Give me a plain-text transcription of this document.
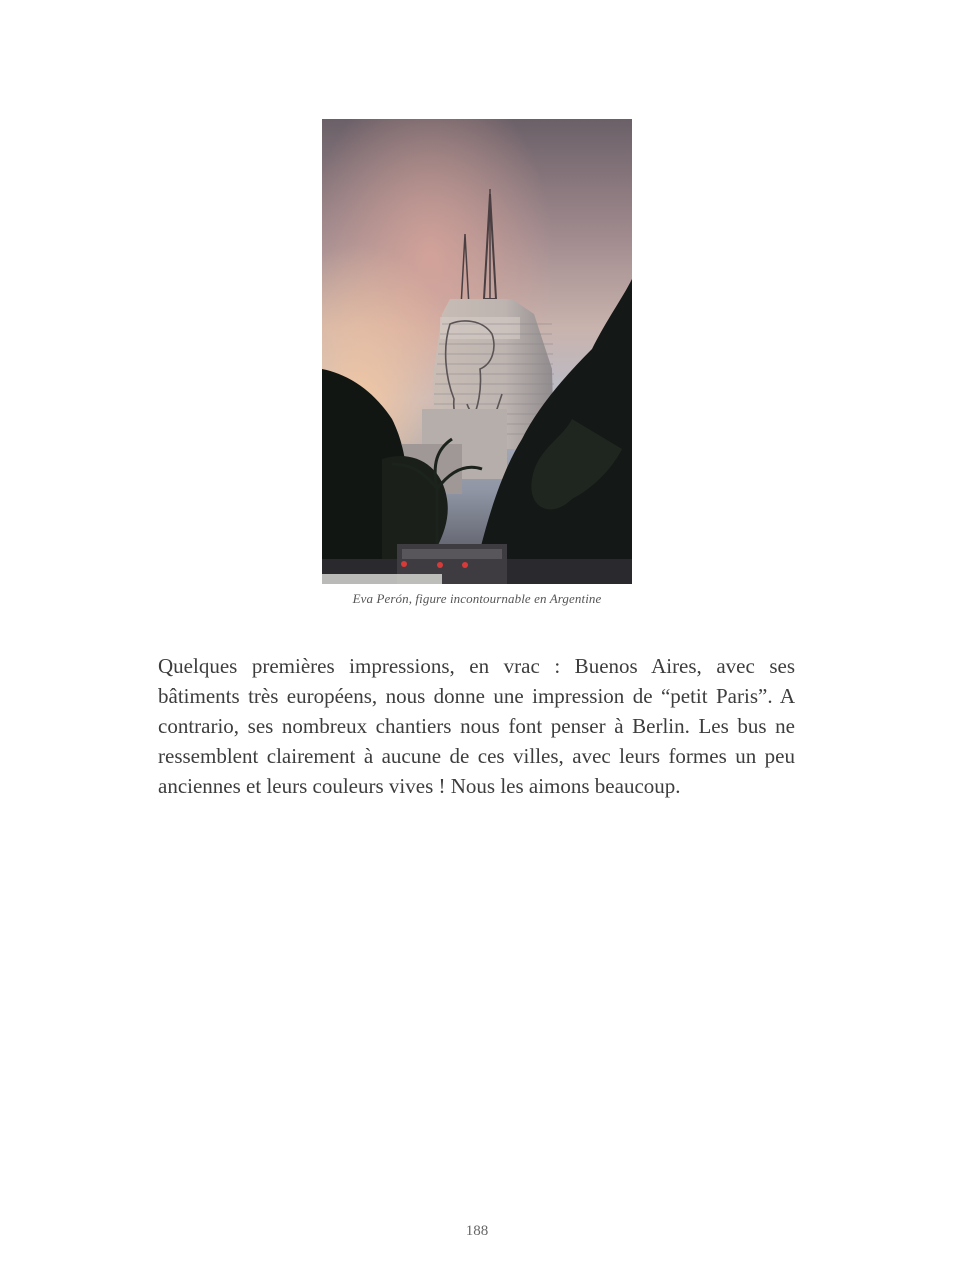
Eva Perón, figure incontournable en Argentine
Quelques premières impressions, en vrac : Buenos Aires, avec ses bâtiments très européens, nous donne une impression de “petit Paris”. A contrario, ses nombreux chantiers nous font penser à Berlin. Les bus ne ressemblent clairement à aucune de ces villes, avec leurs formes un peu anciennes et leurs couleurs vives ! Nous les aimons beaucoup.
188
